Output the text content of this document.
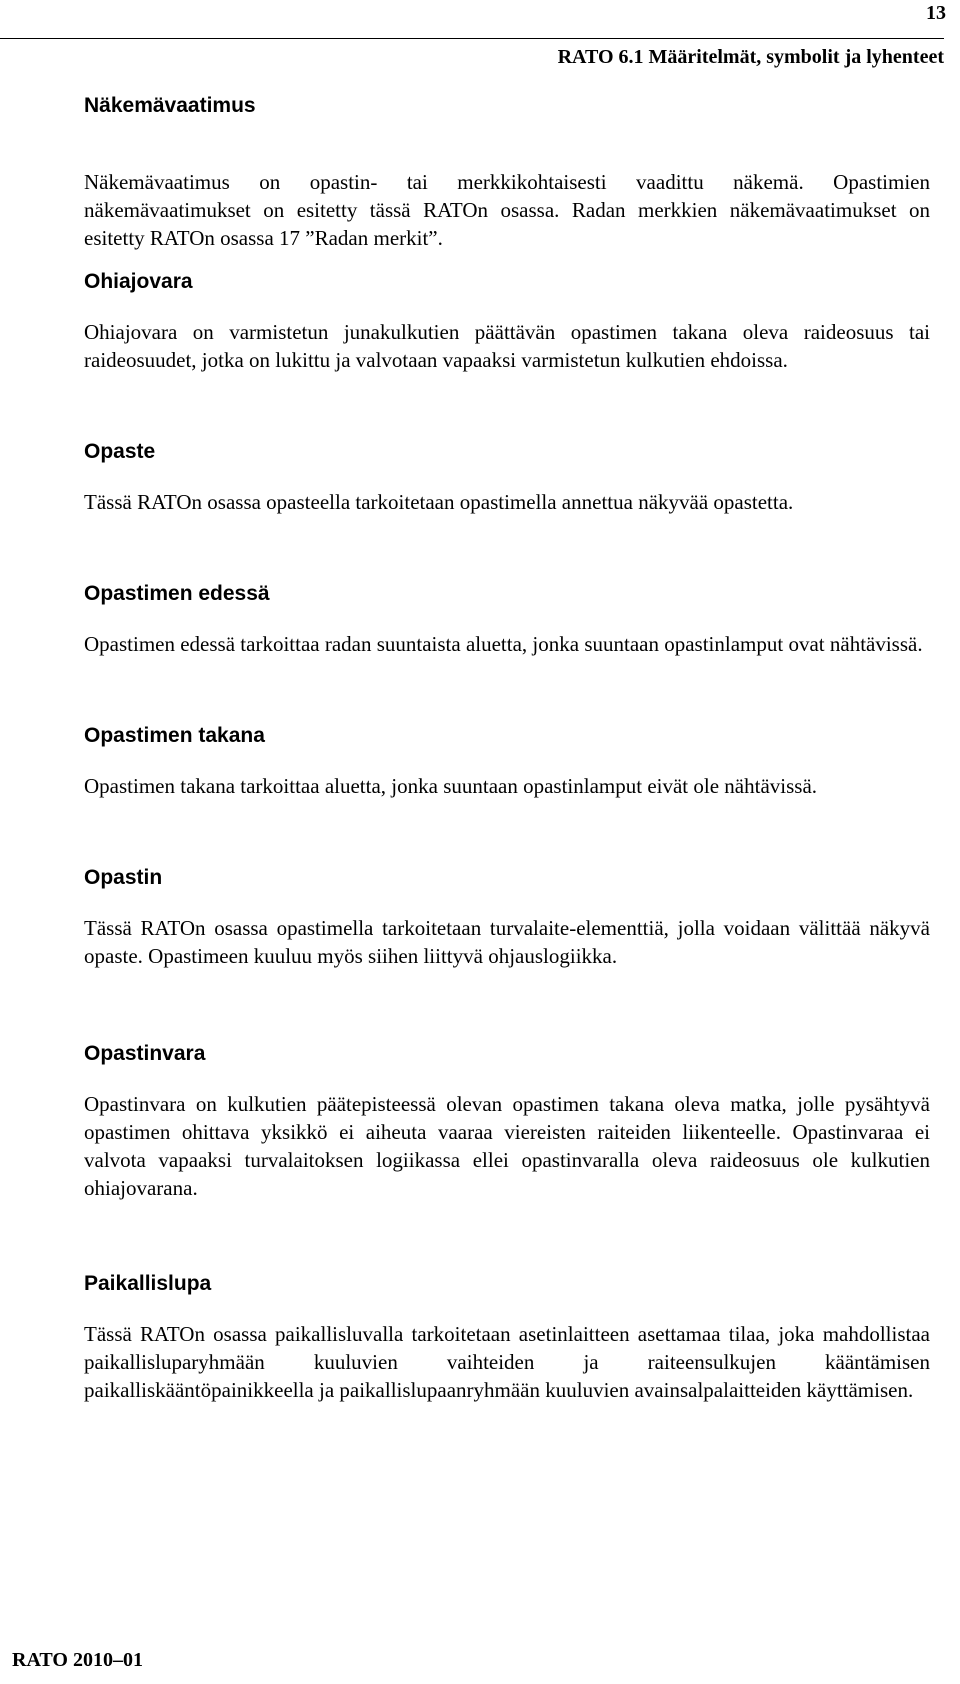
13
RATO 6.1 Määritelmät, symbolit ja lyhenteet

Näkemävaatimus

Näkemävaatimus on opastin- tai merkkikohtaisesti vaadittu näkemä. Opastimien näkemävaatimukset on esitetty tässä RATOn osassa. Radan merkkien näkemävaatimukset on esitetty RATOn osassa 17 ”Radan merkit”.

Ohiajovara

Ohiajovara on varmistetun junakulkutien päättävän opastimen takana oleva raideosuus tai raideosuudet, jotka on lukittu ja valvotaan vapaaksi varmistetun kulkutien ehdoissa.

Opaste

Tässä RATOn osassa opasteella tarkoitetaan opastimella annettua näkyvää opastetta.

Opastimen edessä

Opastimen edessä tarkoittaa radan suuntaista aluetta, jonka suuntaan opastinlamput ovat nähtävissä.

Opastimen takana

Opastimen takana tarkoittaa aluetta, jonka suuntaan opastinlamput eivät ole nähtävissä.

Opastin

Tässä RATOn osassa opastimella tarkoitetaan turvalaite-elementtiä, jolla voidaan välittää näkyvä opaste. Opastimeen kuuluu myös siihen liittyvä ohjauslogiikka.

Opastinvara

Opastinvara on kulkutien päätepisteessä olevan opastimen takana oleva matka, jolle pysähtyvä opastimen ohittava yksikkö ei aiheuta vaaraa viereisten raiteiden liikenteelle. Opastinvaraa ei valvota vapaaksi turvalaitoksen logiikassa ellei opastinvaralla oleva raideosuus ole kulkutien ohiajovarana.

Paikallislupa

Tässä RATOn osassa paikallisluvalla tarkoitetaan asetinlaitteen asettamaa tilaa, joka mahdollistaa paikallisluparyhmään kuuluvien vaihteiden ja raiteensulkujen kääntämisen paikalliskääntöpainikkeella ja paikallislupaanryhmään kuuluvien avainsalpalaitteiden käyttämisen.

RATO 2010–01
